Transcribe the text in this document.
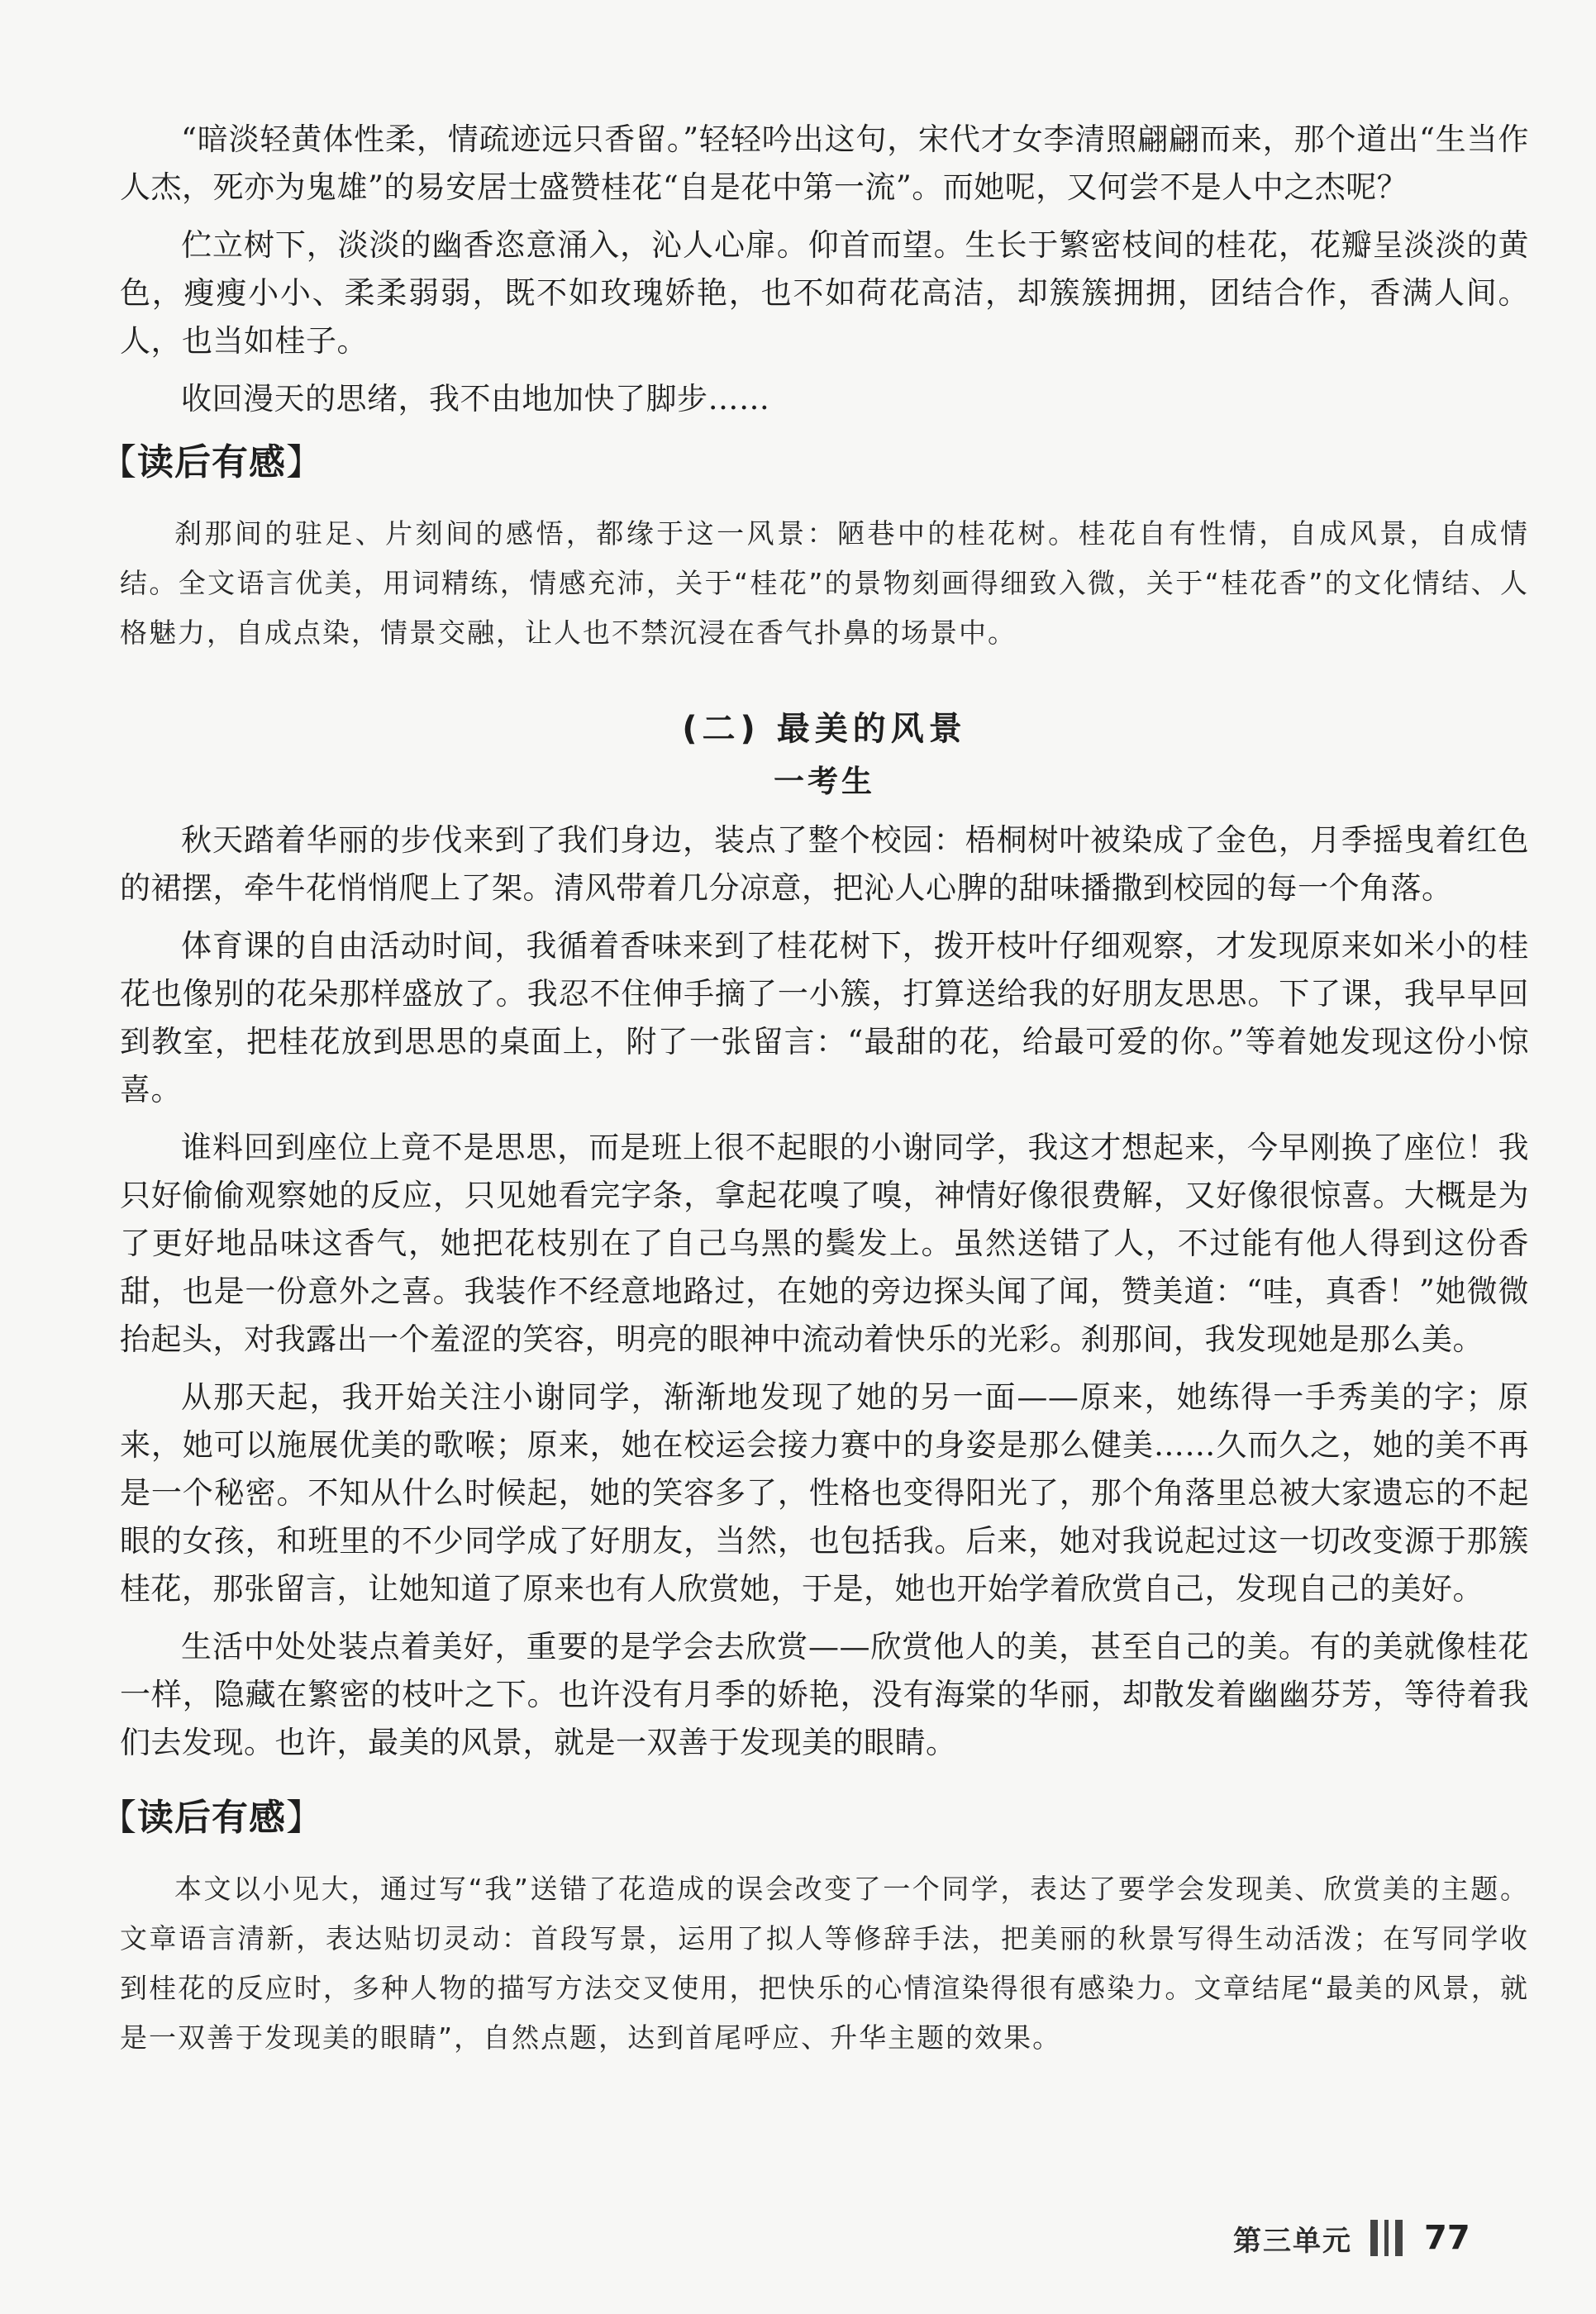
“暗淡轻黄体性柔，情疏迹远只香留。”轻轻吟出这句，宋代才女李清照翩翩而来，那个道出“生当作人杰，死亦为鬼雄”的易安居士盛赞桂花“自是花中第一流”。而她呢，又何尝不是人中之杰呢？

伫立树下，淡淡的幽香恣意涌入，沁人心扉。仰首而望。生长于繁密枝间的桂花，花瓣呈淡淡的黄色，瘦瘦小小、柔柔弱弱，既不如玫瑰娇艳，也不如荷花高洁，却簇簇拥拥，团结合作，香满人间。人，也当如桂子。

收回漫天的思绪，我不由地加快了脚步……

【读后有感】

刹那间的驻足、片刻间的感悟，都缘于这一风景：陋巷中的桂花树。桂花自有性情，自成风景，自成情结。全文语言优美，用词精练，情感充沛，关于“桂花”的景物刻画得细致入微，关于“桂花香”的文化情结、人格魅力，自成点染，情景交融，让人也不禁沉浸在香气扑鼻的场景中。

(二) 最美的风景
一考生

秋天踏着华丽的步伐来到了我们身边，装点了整个校园：梧桐树叶被染成了金色，月季摇曳着红色的裙摆，牵牛花悄悄爬上了架。清风带着几分凉意，把沁人心脾的甜味播撒到校园的每一个角落。

体育课的自由活动时间，我循着香味来到了桂花树下，拨开枝叶仔细观察，才发现原来如米小的桂花也像别的花朵那样盛放了。我忍不住伸手摘了一小簇，打算送给我的好朋友思思。下了课，我早早回到教室，把桂花放到思思的桌面上，附了一张留言：“最甜的花，给最可爱的你。”等着她发现这份小惊喜。

谁料回到座位上竟不是思思，而是班上很不起眼的小谢同学，我这才想起来，今早刚换了座位！我只好偷偷观察她的反应，只见她看完字条，拿起花嗅了嗅，神情好像很费解，又好像很惊喜。大概是为了更好地品味这香气，她把花枝别在了自己乌黑的鬓发上。虽然送错了人，不过能有他人得到这份香甜，也是一份意外之喜。我装作不经意地路过，在她的旁边探头闻了闻，赞美道：“哇，真香！”她微微抬起头，对我露出一个羞涩的笑容，明亮的眼神中流动着快乐的光彩。刹那间，我发现她是那么美。

从那天起，我开始关注小谢同学，渐渐地发现了她的另一面——原来，她练得一手秀美的字；原来，她可以施展优美的歌喉；原来，她在校运会接力赛中的身姿是那么健美……久而久之，她的美不再是一个秘密。不知从什么时候起，她的笑容多了，性格也变得阳光了，那个角落里总被大家遗忘的不起眼的女孩，和班里的不少同学成了好朋友，当然，也包括我。后来，她对我说起过这一切改变源于那簇桂花，那张留言，让她知道了原来也有人欣赏她，于是，她也开始学着欣赏自己，发现自己的美好。

生活中处处装点着美好，重要的是学会去欣赏——欣赏他人的美，甚至自己的美。有的美就像桂花一样，隐藏在繁密的枝叶之下。也许没有月季的娇艳，没有海棠的华丽，却散发着幽幽芬芳，等待着我们去发现。也许，最美的风景，就是一双善于发现美的眼睛。

【读后有感】

本文以小见大，通过写“我”送错了花造成的误会改变了一个同学，表达了要学会发现美、欣赏美的主题。文章语言清新，表达贴切灵动：首段写景，运用了拟人等修辞手法，把美丽的秋景写得生动活泼；在写同学收到桂花的反应时，多种人物的描写方法交叉使用，把快乐的心情渲染得很有感染力。文章结尾“最美的风景，就是一双善于发现美的眼睛”，自然点题，达到首尾呼应、升华主题的效果。

第三单元 77
